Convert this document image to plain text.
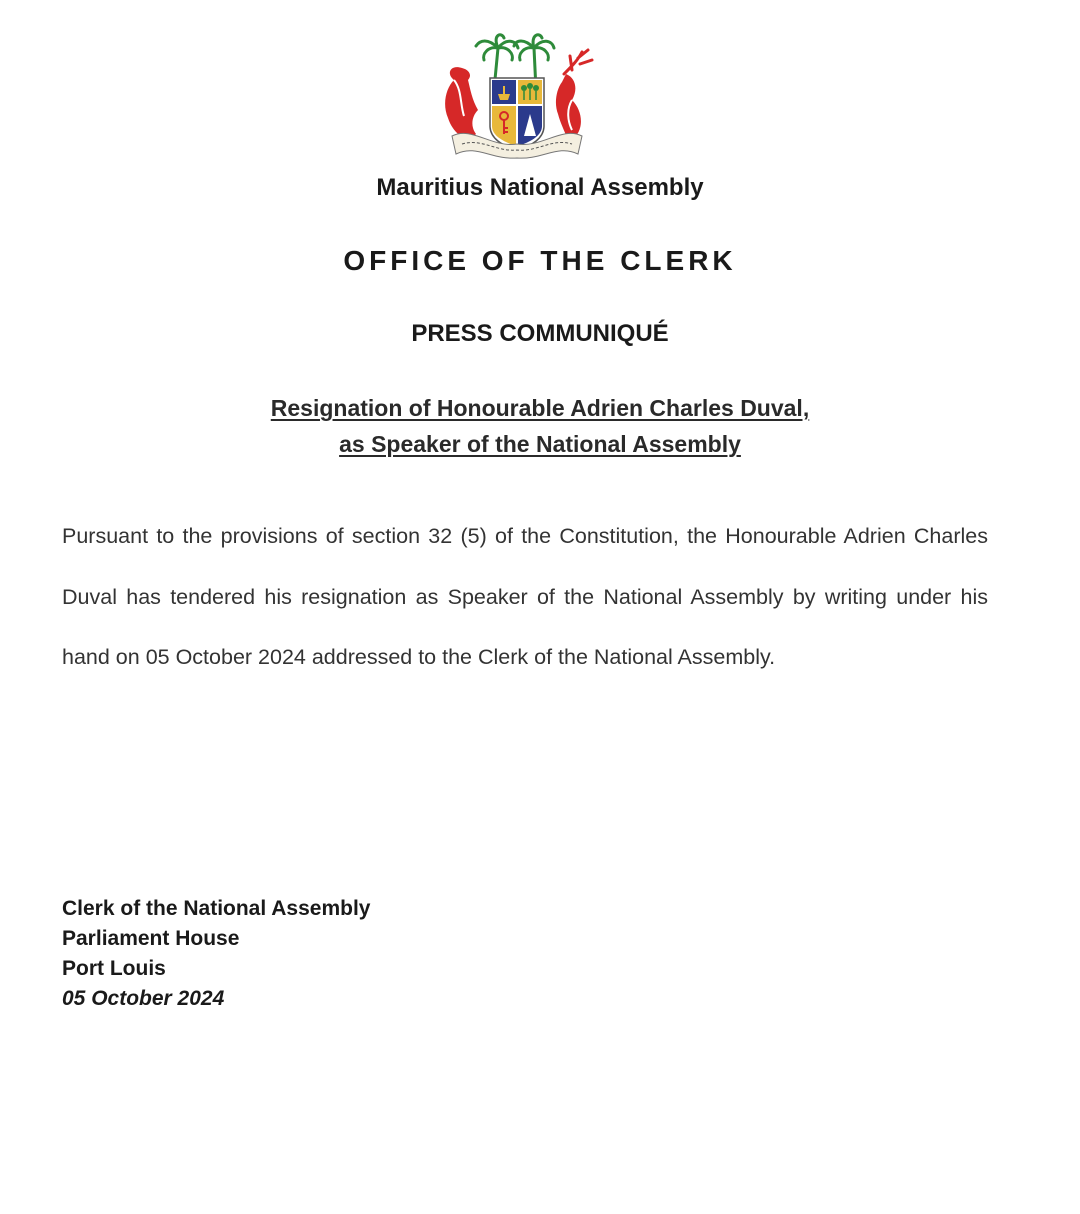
Mauritius National Assembly
OFFICE OF THE CLERK
PRESS COMMUNIQUÉ
Resignation of Honourable Adrien Charles Duval,
as Speaker of the National Assembly
Pursuant to the provisions of section 32 (5) of the Constitution, the Honourable Adrien Charles Duval has tendered his resignation as Speaker of the National Assembly by writing under his hand on 05 October 2024 addressed to the Clerk of the National Assembly.
Clerk of the National Assembly
Parliament House
Port Louis
05 October 2024
